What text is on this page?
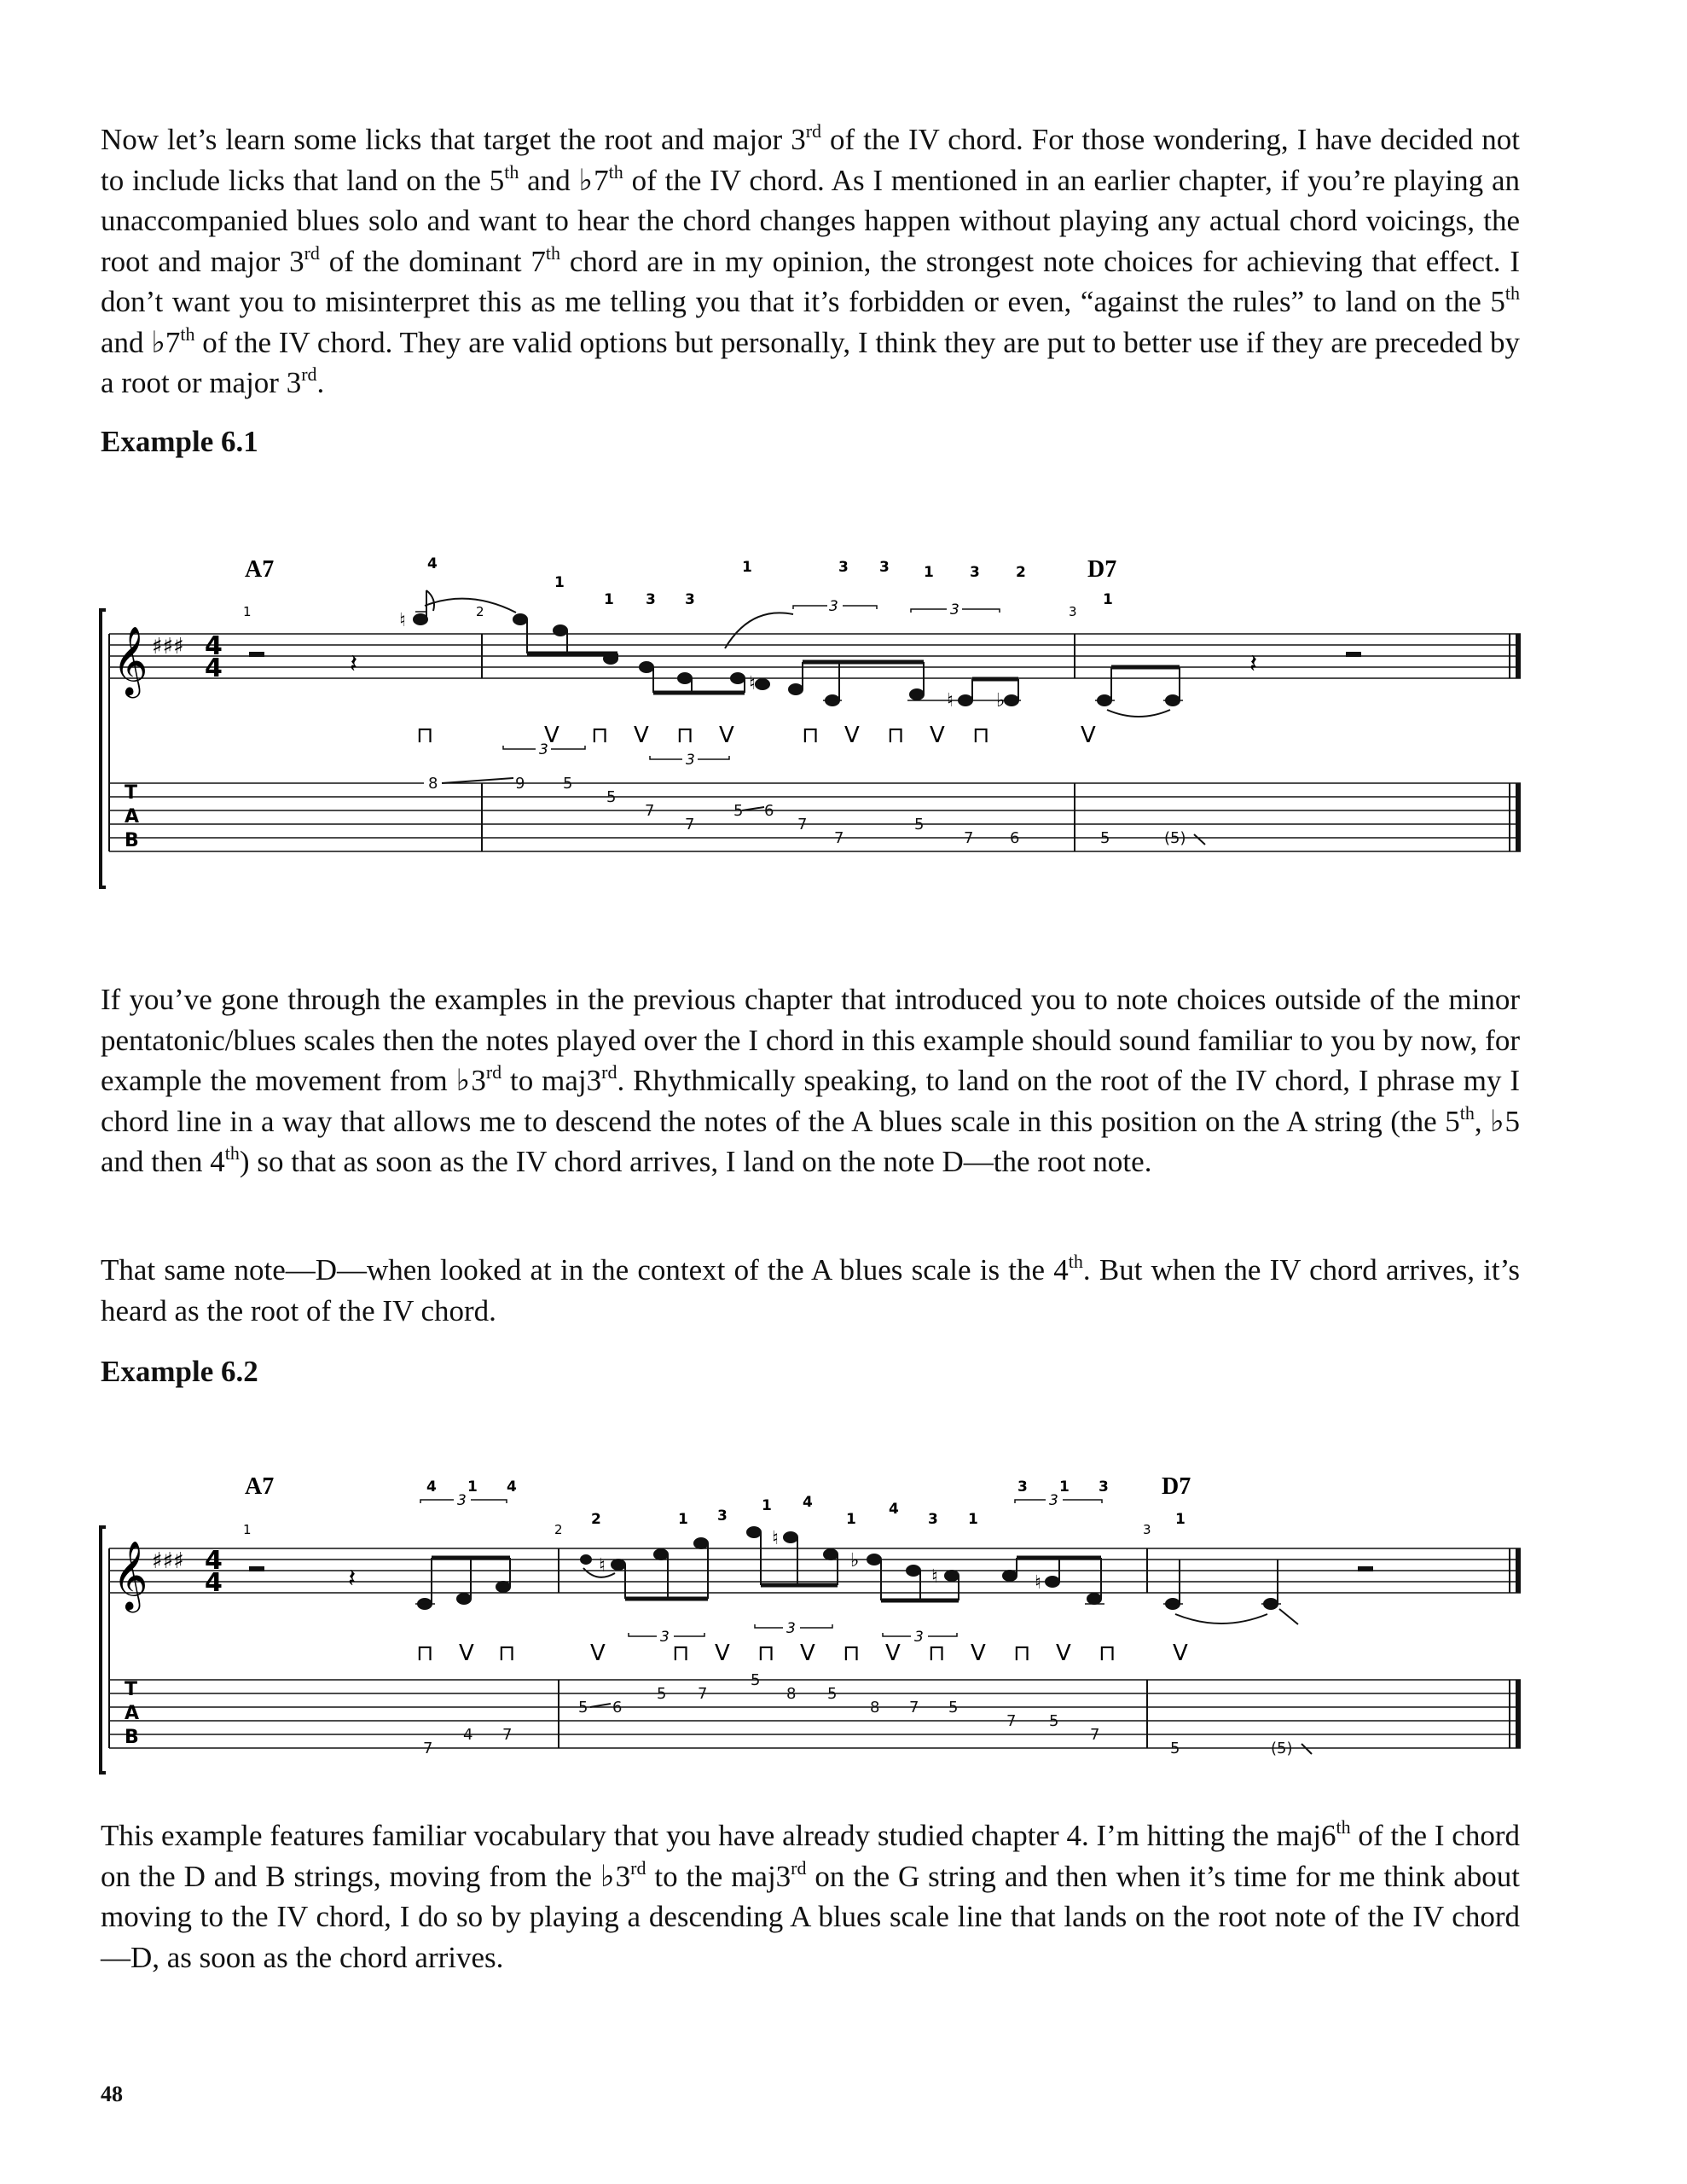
Now let’s learn some licks that target the root and major 3rd of the IV chord. For those wondering, I have decided not to include licks that land on the 5th and ♭7th of the IV chord. As I mentioned in an earlier chapter, if you’re playing an unaccompanied blues solo and want to hear the chord changes happen without playing any actual chord voicings, the root and major 3rd of the dominant 7th chord are in my opinion, the strongest note choices for achieving that effect. I don’t want you to misinterpret this as me telling you that it’s forbidden or even, “against the rules” to land on the 5th and ♭7th of the IV chord. They are valid options but personally, I think they are put to better use if they are preceded by a root or major 3rd.

Example 6.1
𝄞 ♯♯♯ 4
4
T
A
B
A7	D7
1	2	3
4
1
1 3 3
1	3 3 1 3 2
1
𝄽	𝄽
♮
♮
♮ ♭
3
3
3	3
⊓	V ⊓ V ⊓ V	⊓ V ⊓ V ⊓	V
8	9 5
5
7
7
5 6
7
7
5
7 6	5	(5)

If you’ve gone through the examples in the previous chapter that introduced you to note choices outside of the minor pentatonic/blues scales then the notes played over the I chord in this example should sound familiar to you by now, for example the movement from ♭3rd to maj3rd. Rhythmically speaking, to land on the root of the IV chord, I phrase my I chord line in a way that allows me to descend the notes of the A blues scale in this position on the A string (the 5th, ♭5 and then 4th) so that as soon as the IV chord arrives, I land on the note D—the root note.

That same note—D—when looked at in the context of the A blues scale is the 4th. But when the IV chord arrives, it’s heard as the root of the IV chord.

Example 6.2
𝄞 ♯♯♯ 4
4
T
A
B
A7	D7
1	2	3
4 1 4
2	1 3
1 4
1
4
3 1
3 1 3
1
3
3	3	3
3
𝄽	♮
♮
♭
♮	♮
⊓ V ⊓	V	⊓ V ⊓ V ⊓ V ⊓ V ⊓ V ⊓	V
7
4 7
5 6
5 7
5
8 5
8 7 5
7 5
7
5	(5)

This example features familiar vocabulary that you have already studied chapter 4. I’m hitting the maj6th of the I chord on the D and B strings, moving from the ♭3rd to the maj3rd on the G string and then when it’s time for me think about moving to the IV chord, I do so by playing a descending A blues scale line that lands on the root note of the IV chord—D, as soon as the chord arrives.

48
